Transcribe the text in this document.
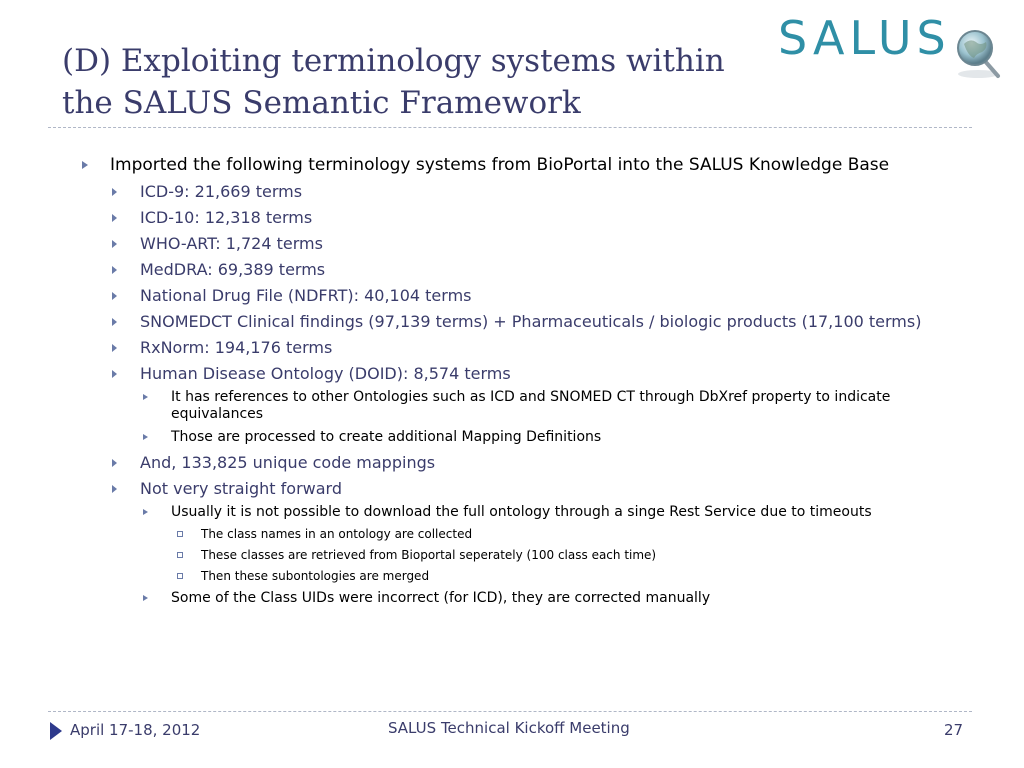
(D) Exploiting terminology systems within
the SALUS Semantic Framework
SALUS
Imported the following terminology systems from BioPortal into the SALUS Knowledge Base
ICD-9: 21,669 terms
ICD-10: 12,318 terms
WHO-ART: 1,724 terms
MedDRA: 69,389 terms
National Drug File (NDFRT): 40,104 terms
SNOMEDCT Clinical findings (97,139 terms) + Pharmaceuticals / biologic products (17,100 terms)
RxNorm: 194,176 terms
Human Disease Ontology (DOID): 8,574 terms
It has references to other Ontologies such as ICD and SNOMED CT through DbXref property to indicate equivalances
Those are processed to create additional Mapping Definitions
And, 133,825 unique code mappings
Not very straight forward
Usually it is not possible to download the full ontology through a singe Rest Service due to timeouts
The class names in an ontology are collected
These classes are retrieved from Bioportal seperately (100 class each time)
Then these subontologies are merged
Some of the Class UIDs were incorrect (for ICD), they are corrected manually
April 17-18, 2012	SALUS Technical Kickoff Meeting	27
